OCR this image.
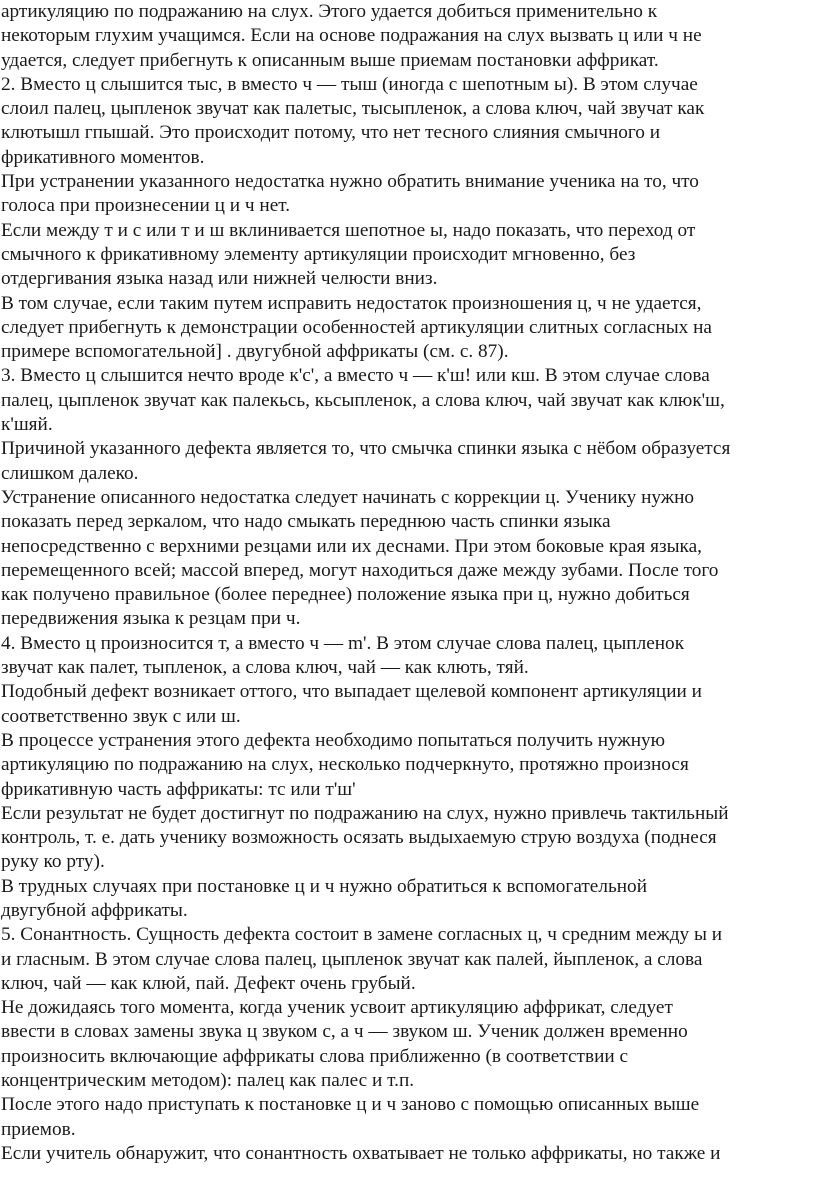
артикуляцию по подражанию на слух. Этого удается добиться применительно к
некоторым глухим учащимся. Если на основе подражания на слух вызвать ц или ч не
удается, следует прибегнуть к описанным выше приемам постановки аффрикат.

2. Вместо ц слышится тыс, в вместо ч — тыш (иногда с шепотным ы). В этом случае
слоил палец, цыпленок звучат как палетыс, тысыпленок, а слова ключ, чай звучат как
клютышл гпышай. Это происходит потому, что нет тесного слияния смычного и
фрикативного моментов.

При устранении указанного недостатка нужно обратить внимание ученика на то, что
голоса при произнесении ц и ч нет.

Если между т и с или т и ш вклинивается шепотное ы, надо показать, что переход от
смычного к фрикативному элементу артикуляции происходит мгновенно, без
отдергивания языка назад или нижней челюсти вниз.

В том случае, если таким путем исправить недостаток произношения ц, ч не удается,
следует прибегнуть к демонстрации особенностей артикуляции слитных согласных на
примере вспомогательной] . двугубной аффрикаты (см. с. 87).

3. Вместо ц слышится нечто вроде к'с', а вместо ч — к'ш! или кш. В этом случае слова
палец, цыпленок звучат как палекьсь, кьсыпленок, а слова ключ, чай звучат как клюк'ш,
к'шяй.

Причиной указанного дефекта является то, что смычка спинки языка с нёбом образуется
слишком далеко.

Устранение описанного недостатка следует начинать с коррекции ц. Ученику нужно
показать перед зеркалом, что надо смыкать переднюю часть спинки языка
непосредственно с верхними резцами или их деснами. При этом боковые края языка,
перемещенного всей; массой вперед, могут находиться даже между зубами. После того
как получено правильное (более переднее) положение языка при ц, нужно добиться
передвижения языка к резцам при ч.

4. Вместо ц произносится т, а вместо ч — m'. В этом случае слова палец, цыпленок
звучат как палет, тыпленок, а слова ключ, чай — как клють, тяй.

Подобный дефект возникает оттого, что выпадает щелевой компонент артикуляции и
соответственно звук с или ш.

В процессе устранения этого дефекта необходимо попытаться получить нужную
артикуляцию по подражанию на слух, несколько подчеркнуто, протяжно произнося
фрикативную часть аффрикаты: тс или т'ш'

Если результат не будет достигнут по подражанию на слух, нужно привлечь тактильный
контроль, т. е. дать ученику возможность осязать выдыхаемую струю воздуха (поднеся
руку ко рту).

В трудных случаях при постановке ц и ч нужно обратиться к вспомогательной
двугубной аффрикаты.

5. Сонантность. Сущность дефекта состоит в замене согласных ц, ч средним между ы и
и гласным. В этом случае слова палец, цыпленок звучат как палей, йыпленок, а слова
ключ, чай — как клюй, пай. Дефект очень грубый.

Не дожидаясь того момента, когда ученик усвоит артикуляцию аффрикат, следует
ввести в словах замены звука ц звуком с, а ч — звуком ш. Ученик должен временно
произносить включающие аффрикаты слова приближенно (в соответствии с
концентрическим методом): палец как палес и т.п.

После этого надо приступать к постановке ц и ч заново с помощью описанных выше
приемов.

Если учитель обнаружит, что сонантность охватывает не только аффрикаты, но также и
